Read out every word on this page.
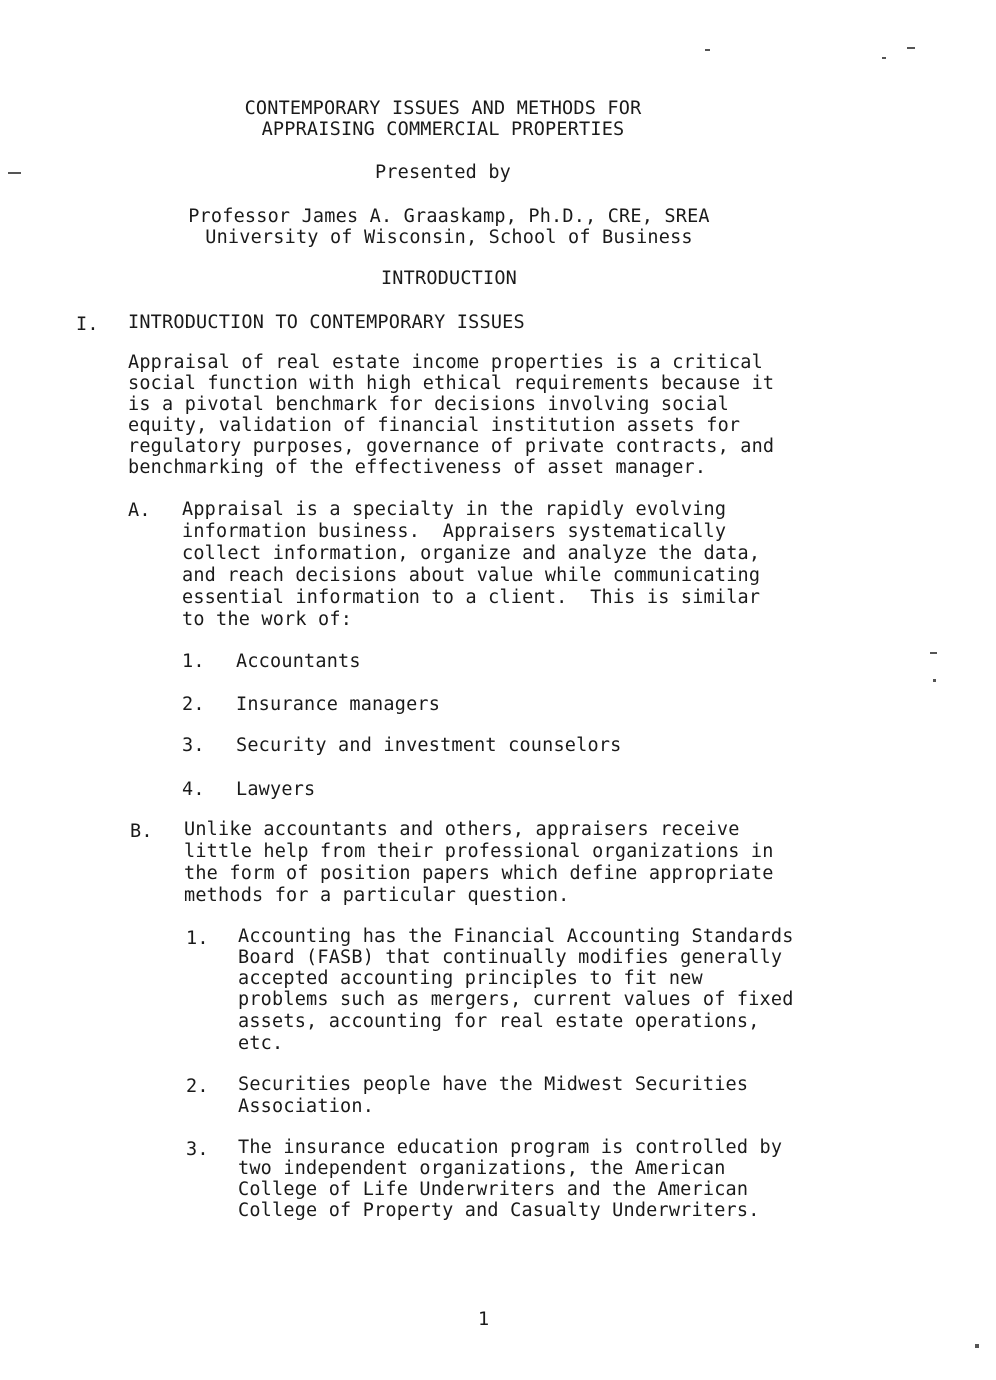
CONTEMPORARY ISSUES AND METHODS FOR
APPRAISING COMMERCIAL PROPERTIES
Presented by
Professor James A. Graaskamp, Ph.D., CRE, SREA
University of Wisconsin, School of Business
INTRODUCTION
I. INTRODUCTION TO CONTEMPORARY ISSUES
Appraisal of real estate income properties is a critical
social function with high ethical requirements because it
is a pivotal benchmark for decisions involving social
equity, validation of financial institution assets for
regulatory purposes, governance of private contracts, and
benchmarking of the effectiveness of asset manager.
A. Appraisal is a specialty in the rapidly evolving
information business.  Appraisers systematically
collect information, organize and analyze the data,
and reach decisions about value while communicating
essential information to a client.  This is similar
to the work of:
1. Accountants
2. Insurance managers
3. Security and investment counselors
4. Lawyers
B. Unlike accountants and others, appraisers receive
little help from their professional organizations in
the form of position papers which define appropriate
methods for a particular question.
1. Accounting has the Financial Accounting Standards
Board (FASB) that continually modifies generally
accepted accounting principles to fit new
problems such as mergers, current values of fixed
assets, accounting for real estate operations,
etc.
2. Securities people have the Midwest Securities
Association.
3. The insurance education program is controlled by
two independent organizations, the American
College of Life Underwriters and the American
College of Property and Casualty Underwriters.
1
